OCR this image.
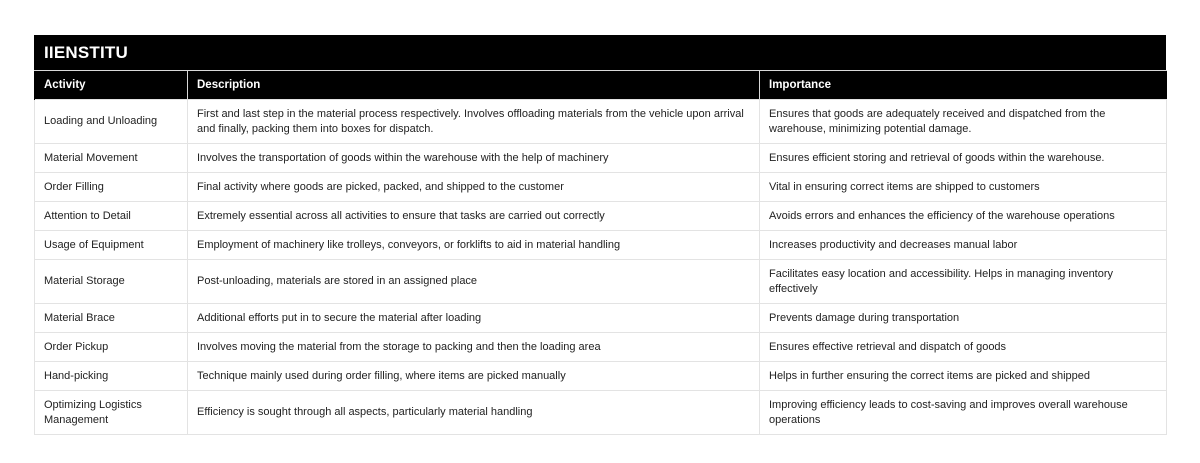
IIENSTITU
Activity	Description	Importance
Loading and Unloading	First and last step in the material process respectively. Involves offloading materials from the vehicle upon arrival and finally, packing them into boxes for dispatch.	Ensures that goods are adequately received and dispatched from the warehouse, minimizing potential damage.
Material Movement	Involves the transportation of goods within the warehouse with the help of machinery	Ensures efficient storing and retrieval of goods within the warehouse.
Order Filling	Final activity where goods are picked, packed, and shipped to the customer	Vital in ensuring correct items are shipped to customers
Attention to Detail	Extremely essential across all activities to ensure that tasks are carried out correctly	Avoids errors and enhances the efficiency of the warehouse operations
Usage of Equipment	Employment of machinery like trolleys, conveyors, or forklifts to aid in material handling	Increases productivity and decreases manual labor
Material Storage	Post-unloading, materials are stored in an assigned place	Facilitates easy location and accessibility. Helps in managing inventory effectively
Material Brace	Additional efforts put in to secure the material after loading	Prevents damage during transportation
Order Pickup	Involves moving the material from the storage to packing and then the loading area	Ensures effective retrieval and dispatch of goods
Hand-picking	Technique mainly used during order filling, where items are picked manually	Helps in further ensuring the correct items are picked and shipped
Optimizing Logistics Management	Efficiency is sought through all aspects, particularly material handling	Improving efficiency leads to cost-saving and improves overall warehouse operations
